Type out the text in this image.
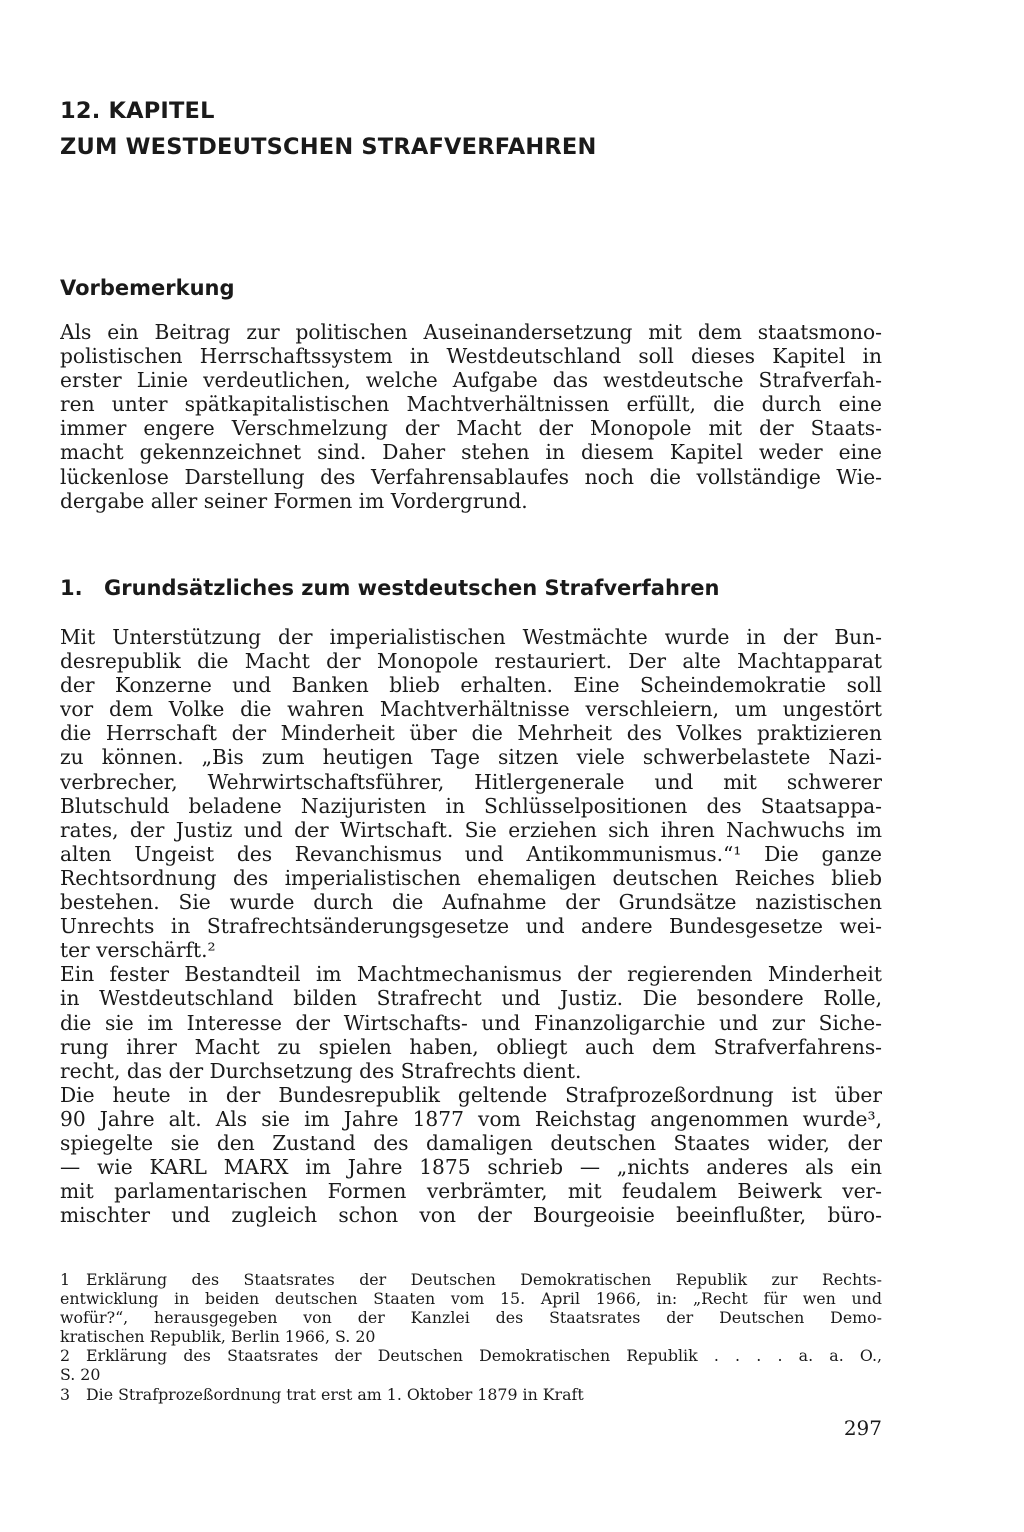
12. KAPITEL
ZUM WESTDEUTSCHEN STRAFVERFAHREN
Vorbemerkung
Als ein Beitrag zur politischen Auseinandersetzung mit dem staatsmono-
polistischen Herrschaftssystem in Westdeutschland soll dieses Kapitel in
erster Linie verdeutlichen, welche Aufgabe das westdeutsche Strafverfah-
ren unter spätkapitalistischen Machtverhältnissen erfüllt, die durch eine
immer engere Verschmelzung der Macht der Monopole mit der Staats-
macht gekennzeichnet sind. Daher stehen in diesem Kapitel weder eine
lückenlose Darstellung des Verfahrensablaufes noch die vollständige Wie-
dergabe aller seiner Formen im Vordergrund.
1. Grundsätzliches zum westdeutschen Strafverfahren
Mit Unterstützung der imperialistischen Westmächte wurde in der Bun-
desrepublik die Macht der Monopole restauriert. Der alte Machtapparat
der Konzerne und Banken blieb erhalten. Eine Scheindemokratie soll
vor dem Volke die wahren Machtverhältnisse verschleiern, um ungestört
die Herrschaft der Minderheit über die Mehrheit des Volkes praktizieren
zu können. „Bis zum heutigen Tage sitzen viele schwerbelastete Nazi-
verbrecher, Wehrwirtschaftsführer, Hitlergenerale und mit schwerer
Blutschuld beladene Nazijuristen in Schlüsselpositionen des Staatsappa-
rates, der Justiz und der Wirtschaft. Sie erziehen sich ihren Nachwuchs im
alten Ungeist des Revanchismus und Antikommunismus.“¹ Die ganze
Rechtsordnung des imperialistischen ehemaligen deutschen Reiches blieb
bestehen. Sie wurde durch die Aufnahme der Grundsätze nazistischen
Unrechts in Strafrechtsänderungsgesetze und andere Bundesgesetze wei-
ter verschärft.²
Ein fester Bestandteil im Machtmechanismus der regierenden Minderheit
in Westdeutschland bilden Strafrecht und Justiz. Die besondere Rolle,
die sie im Interesse der Wirtschafts- und Finanzoligarchie und zur Siche-
rung ihrer Macht zu spielen haben, obliegt auch dem Strafverfahrens-
recht, das der Durchsetzung des Strafrechts dient.
Die heute in der Bundesrepublik geltende Strafprozeßordnung ist über
90 Jahre alt. Als sie im Jahre 1877 vom Reichstag angenommen wurde³,
spiegelte sie den Zustand des damaligen deutschen Staates wider, der
— wie KARL MARX im Jahre 1875 schrieb — „nichts anderes als ein
mit parlamentarischen Formen verbrämter, mit feudalem Beiwerk ver-
mischter und zugleich schon von der Bourgeoisie beeinflußter, büro-
1 Erklärung des Staatsrates der Deutschen Demokratischen Republik zur Rechts-
entwicklung in beiden deutschen Staaten vom 15. April 1966, in: „Recht für wen und
wofür?“, herausgegeben von der Kanzlei des Staatsrates der Deutschen Demo-
kratischen Republik, Berlin 1966, S. 20
2 Erklärung des Staatsrates der Deutschen Demokratischen Republik . . . . a. a. O.,
S. 20
3 Die Strafprozeßordnung trat erst am 1. Oktober 1879 in Kraft
297
